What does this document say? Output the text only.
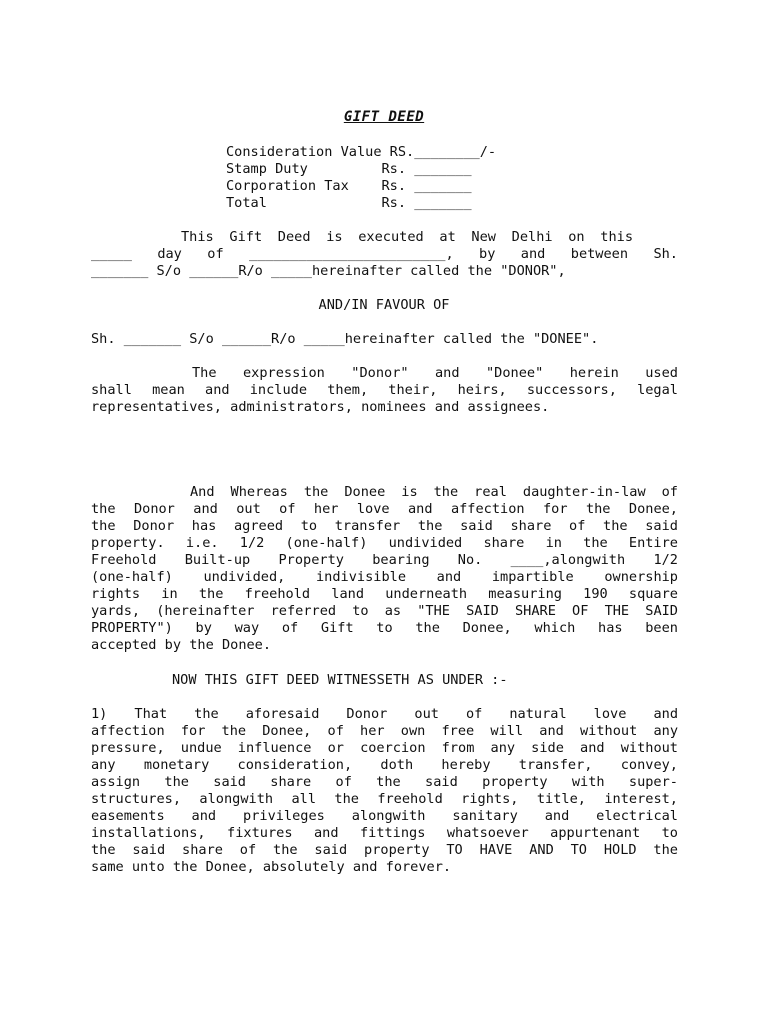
GIFT DEED
Consideration Value RS.________/-
Stamp Duty         Rs. _______
Corporation Tax    Rs. _______
Total              Rs. _______
This Gift Deed is executed at New Delhi on this
_____ day of ________________________, by and between Sh.
_______ S/o ______R/o _____hereinafter called the "DONOR",
AND/IN FAVOUR OF
Sh. _______ S/o ______R/o _____hereinafter called the "DONEE".
The expression "Donor" and "Donee" herein used
shall mean and include them, their, heirs, successors, legal
representatives, administrators, nominees and assignees.
And Whereas the Donee is the real daughter-in-law of
the Donor and out of her love and affection for the Donee,
the Donor has agreed to transfer the said share of the said
property. i.e. 1/2 (one-half) undivided share in the Entire
Freehold Built-up Property bearing No. ____,alongwith 1/2
(one-half) undivided, indivisible and impartible ownership
rights in the freehold land underneath measuring 190 square
yards, (hereinafter referred to as "THE SAID SHARE OF THE SAID
PROPERTY") by way of Gift to the Donee, which has been
accepted by the Donee.
NOW THIS GIFT DEED WITNESSETH AS UNDER :-
1) That the aforesaid Donor out of natural love and
affection for the Donee, of her own free will and without any
pressure, undue influence or coercion from any side and without
any monetary consideration, doth hereby transfer, convey,
assign the said share of the said property with super-
structures, alongwith all the freehold rights, title, interest,
easements and privileges alongwith sanitary and electrical
installations, fixtures and fittings whatsoever appurtenant to
the said share of the said property TO HAVE AND TO HOLD the
same unto the Donee, absolutely and forever.
